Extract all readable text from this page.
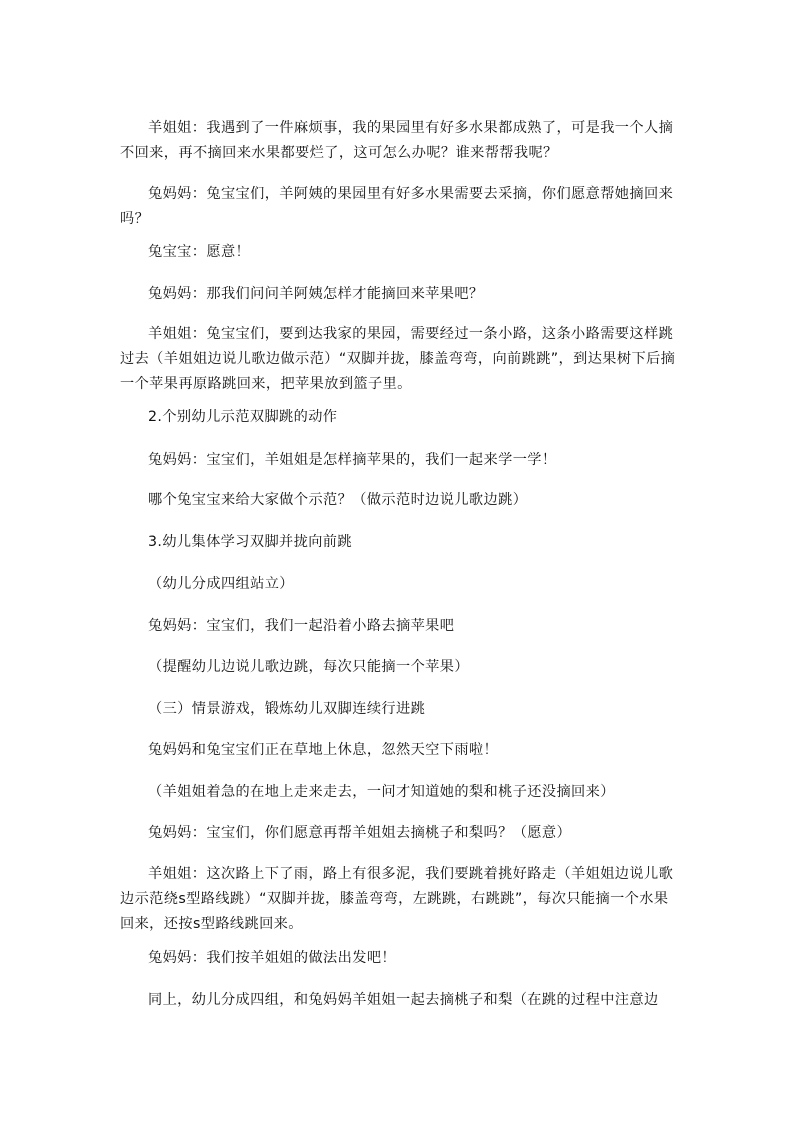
羊姐姐：我遇到了一件麻烦事，我的果园里有好多水果都成熟了，可是我一个人摘不回来，再不摘回来水果都要烂了，这可怎么办呢？谁来帮帮我呢？

兔妈妈：兔宝宝们，羊阿姨的果园里有好多水果需要去采摘，你们愿意帮她摘回来吗？

兔宝宝：愿意！

兔妈妈：那我们问问羊阿姨怎样才能摘回来苹果吧？

羊姐姐：兔宝宝们，要到达我家的果园，需要经过一条小路，这条小路需要这样跳过去（羊姐姐边说儿歌边做示范）“双脚并拢，膝盖弯弯，向前跳跳”，到达果树下后摘一个苹果再原路跳回来，把苹果放到篮子里。

2.个别幼儿示范双脚跳的动作

兔妈妈：宝宝们，羊姐姐是怎样摘苹果的，我们一起来学一学！

哪个兔宝宝来给大家做个示范？（做示范时边说儿歌边跳）

3.幼儿集体学习双脚并拢向前跳

（幼儿分成四组站立）

兔妈妈：宝宝们，我们一起沿着小路去摘苹果吧

（提醒幼儿边说儿歌边跳，每次只能摘一个苹果）

（三）情景游戏，锻炼幼儿双脚连续行进跳

兔妈妈和兔宝宝们正在草地上休息，忽然天空下雨啦！

（羊姐姐着急的在地上走来走去，一问才知道她的梨和桃子还没摘回来）

兔妈妈：宝宝们，你们愿意再帮羊姐姐去摘桃子和梨吗？（愿意）

羊姐姐：这次路上下了雨，路上有很多泥，我们要跳着挑好路走（羊姐姐边说儿歌边示范绕s型路线跳）“双脚并拢，膝盖弯弯，左跳跳，右跳跳”，每次只能摘一个水果回来，还按s型路线跳回来。

兔妈妈：我们按羊姐姐的做法出发吧！

同上，幼儿分成四组，和兔妈妈羊姐姐一起去摘桃子和梨（在跳的过程中注意边
